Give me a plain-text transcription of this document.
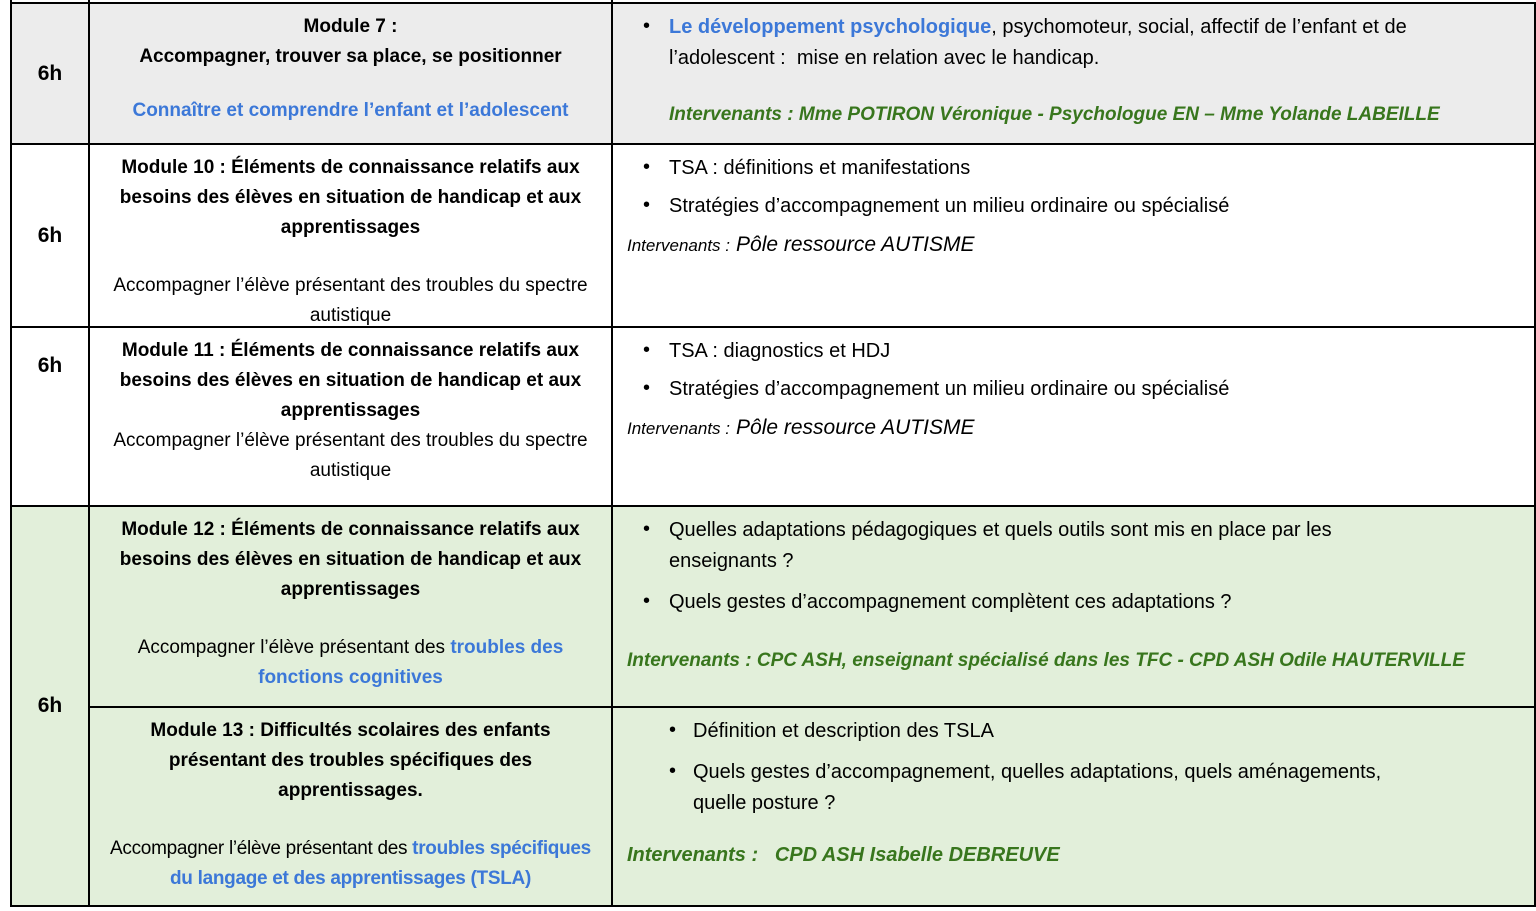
6h
Module 7 :
Accompagner, trouver sa place, se positionner
Connaître et comprendre l’enfant et l’adolescent
• Le développement psychologique, psychomoteur, social, affectif de l’enfant et de l’adolescent :  mise en relation avec le handicap.
Intervenants : Mme POTIRON Véronique - Psychologue EN – Mme Yolande LABEILLE
6h
Module 10 : Éléments de connaissance relatifs aux besoins des élèves en situation de handicap et aux apprentissages
Accompagner l’élève présentant des troubles du spectre autistique
• TSA : définitions et manifestations
• Stratégies d’accompagnement un milieu ordinaire ou spécialisé
Intervenants : Pôle ressource AUTISME
6h
Module 11 : Éléments de connaissance relatifs aux besoins des élèves en situation de handicap et aux apprentissages
Accompagner l’élève présentant des troubles du spectre autistique
• TSA : diagnostics et HDJ
• Stratégies d’accompagnement un milieu ordinaire ou spécialisé
Intervenants : Pôle ressource AUTISME
6h
Module 12 : Éléments de connaissance relatifs aux besoins des élèves en situation de handicap et aux apprentissages
Accompagner l’élève présentant des troubles des fonctions cognitives
• Quelles adaptations pédagogiques et quels outils sont mis en place par les enseignants ?
• Quels gestes d’accompagnement complètent ces adaptations ?
Intervenants : CPC ASH, enseignant spécialisé dans les TFC - CPD ASH Odile HAUTERVILLE
Module 13 : Difficultés scolaires des enfants présentant des troubles spécifiques des apprentissages.
Accompagner l’élève présentant des troubles spécifiques du langage et des apprentissages (TSLA)
• Définition et description des TSLA
• Quels gestes d’accompagnement, quelles adaptations, quels aménagements, quelle posture ?
Intervenants :   CPD ASH Isabelle DEBREUVE
